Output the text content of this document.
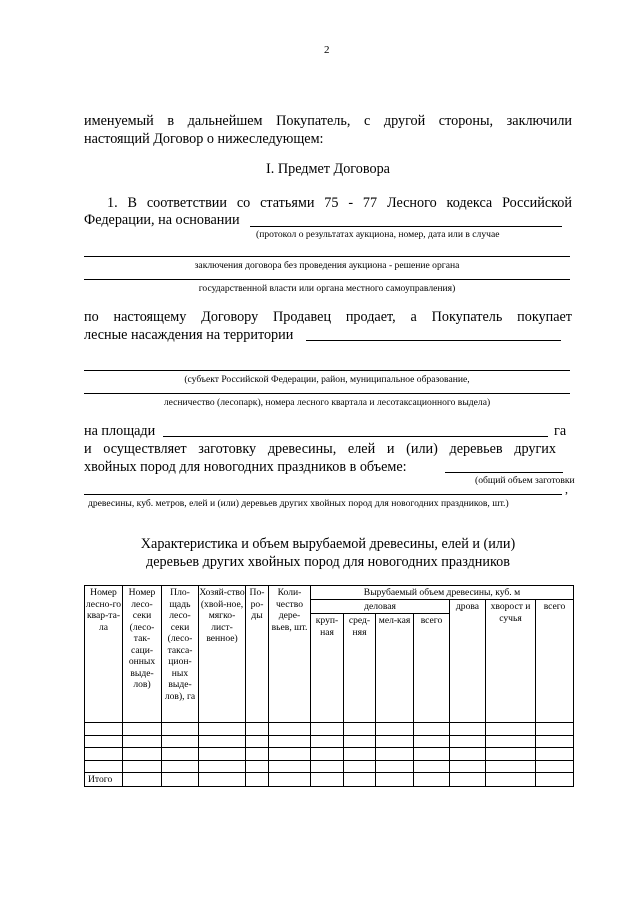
2
именуемый в дальнейшем Покупатель, с другой стороны, заключили
настоящий Договор о нижеследующем:
I. Предмет Договора
1. В соответствии со статьями 75 - 77 Лесного кодекса Российской
Федерации, на основании
(протокол о результатах аукциона, номер, дата или в случае
заключения договора без проведения аукциона - решение органа
государственной власти или органа местного самоуправления)
по настоящему Договору Продавец продает, а Покупатель покупает
лесные насаждения на территории
(субъект Российской Федерации, район, муниципальное образование,
лесничество (лесопарк), номера лесного квартала и лесотаксационного выдела)
на площади	га
и осуществляет заготовку древесины, елей и (или) деревьев других
хвойных пород для новогодних праздников в объеме:
(общий объем заготовки
,
древесины, куб. метров, елей и (или) деревьев других хвойных пород для новогодних праздников, шт.)
Характеристика и объем вырубаемой древесины, елей и (или)
деревьев других хвойных пород для новогодних праздников
Номер лесно-го квар-та-ла	Номер лесо-секи (лесо-так-саци-онных выде-лов)	Пло-щадь лесо-секи (лесо-такса-цион-ных выде-лов), га	Хозяй-ство (хвой-ное, мягко-лист-венное)	По-ро-ды	Коли-чество дере-вьев, шт.	Вырубаемый объем древесины, куб. м						
						деловая				дрова	хворост и сучья	всего
						круп-ная	сред-няя	мел-кая	всего			

Итого												
